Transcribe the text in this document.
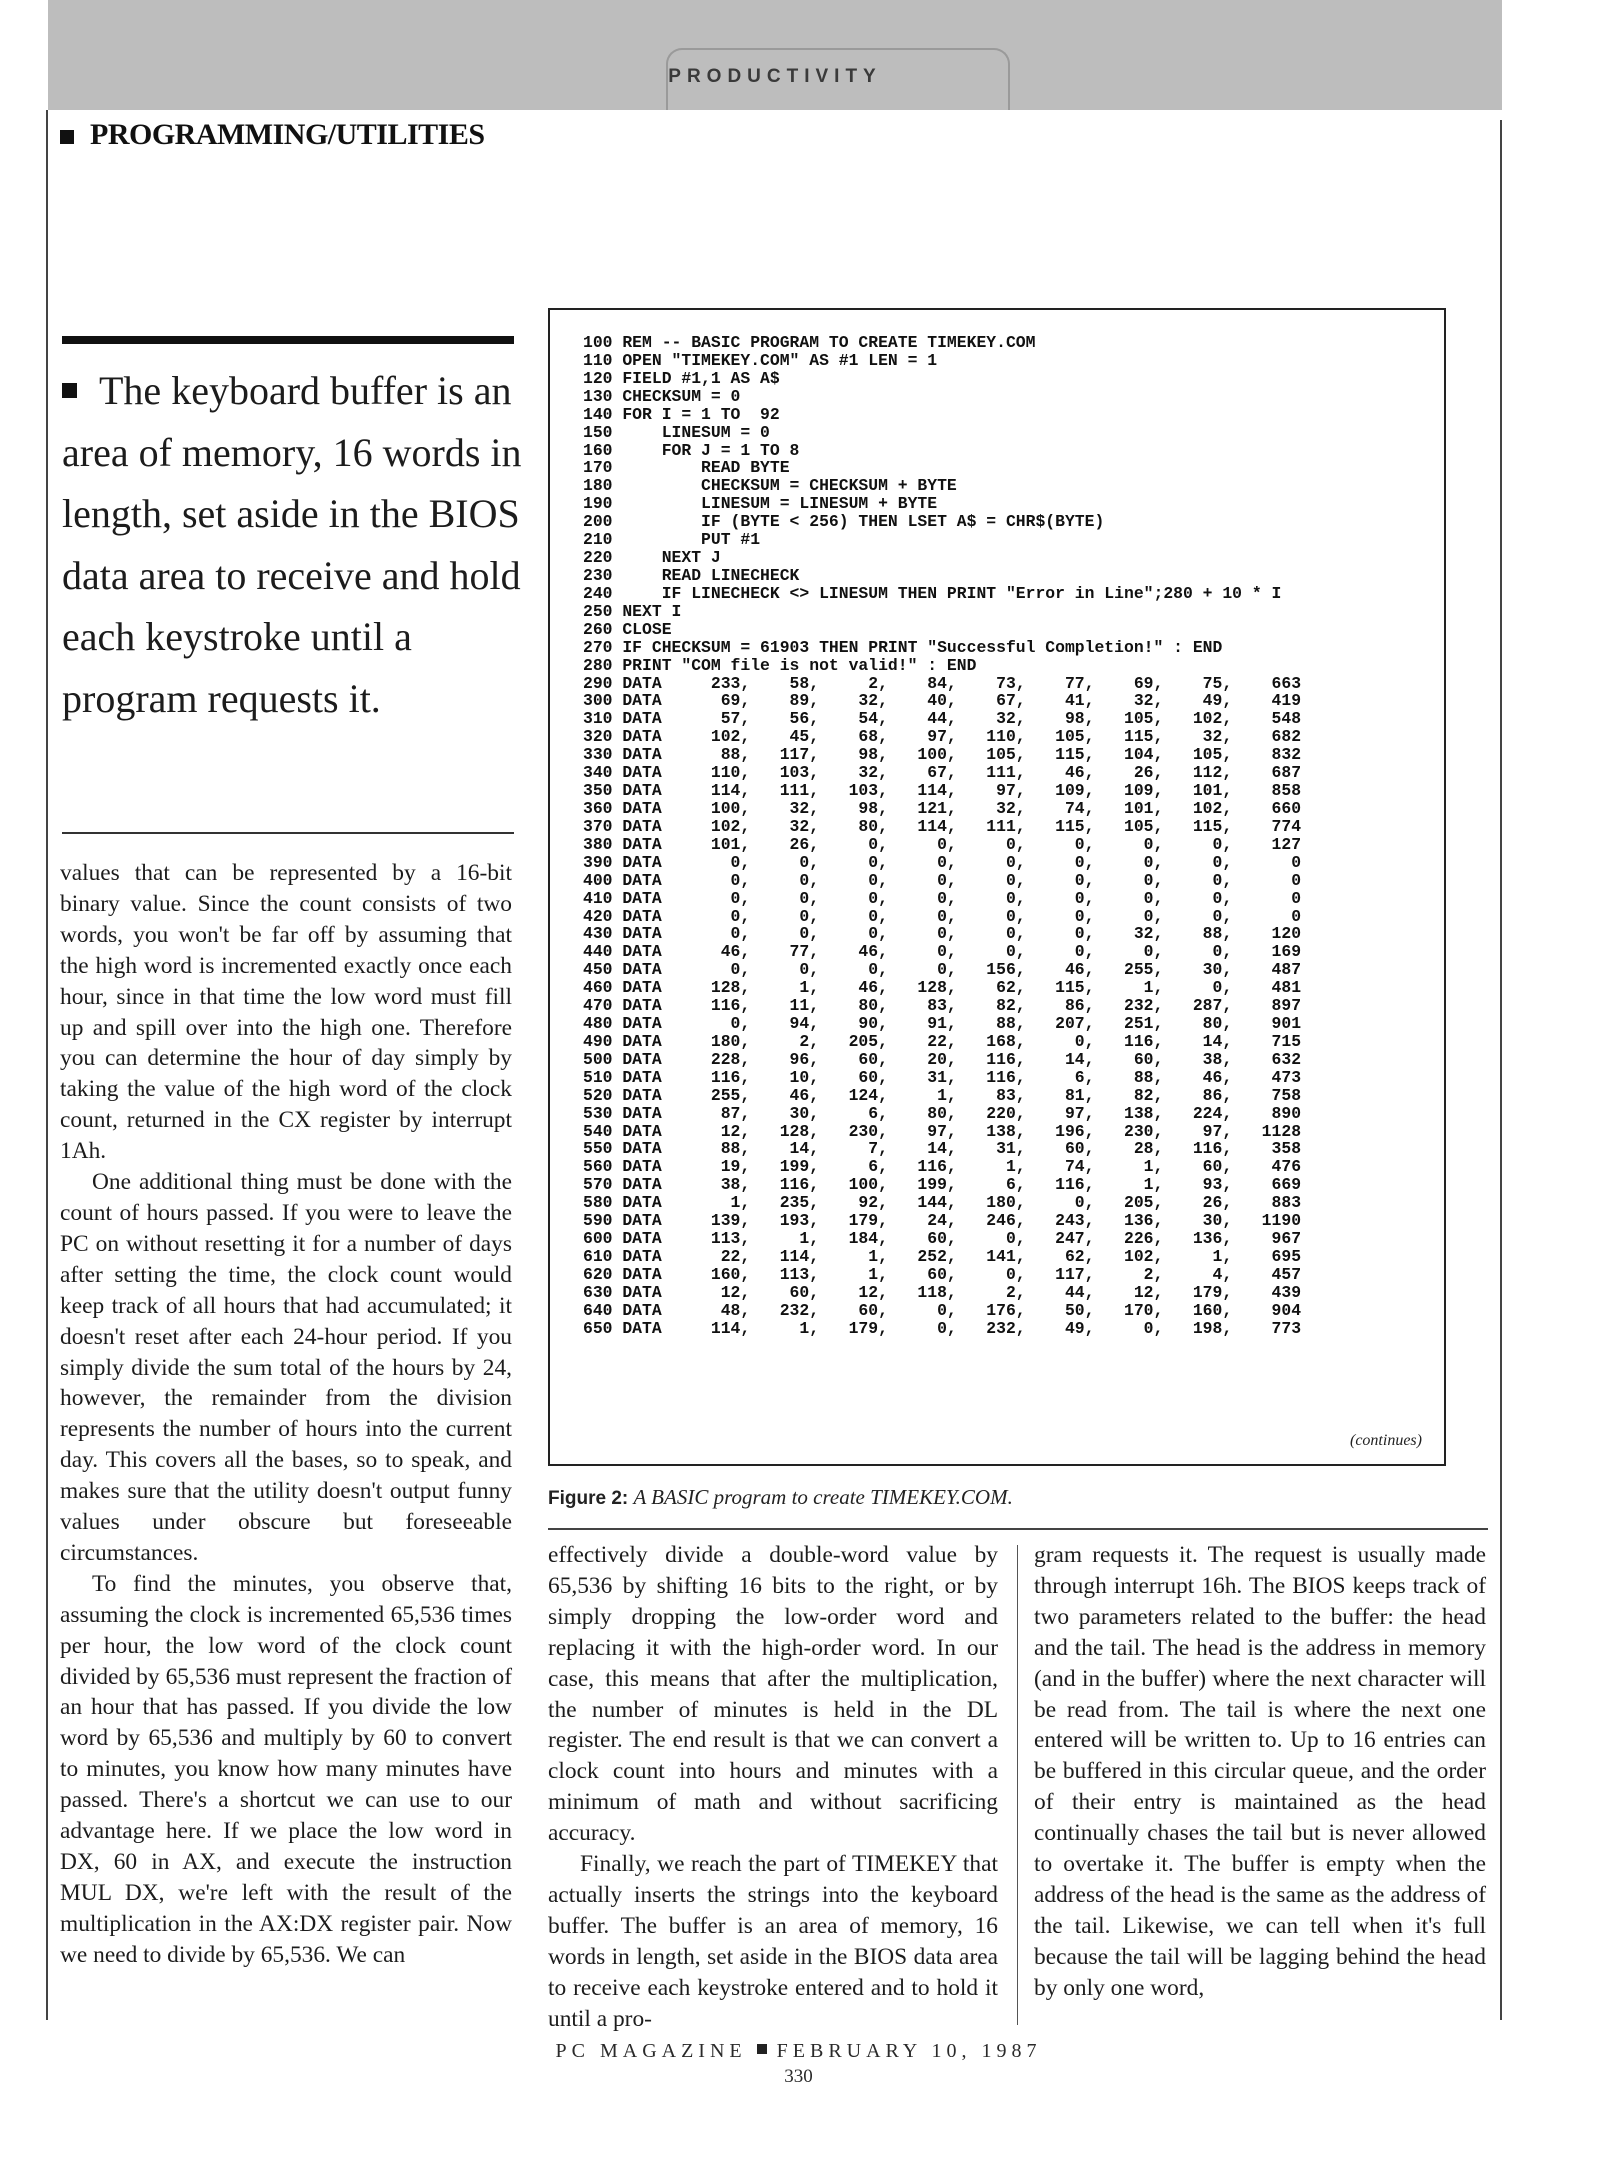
PRODUCTIVITY
PROGRAMMING/UTILITIES
The keyboard buffer is an area of memory, 16 words in length, set aside in the BIOS data area to receive and hold each keystroke until a program requests it.

values that can be represented by a 16-bit binary value. Since the count consists of two words, you won't be far off by assuming that the high word is incremented exactly once each hour, since in that time the low word must fill up and spill over into the high one. Therefore you can determine the hour of day simply by taking the value of the high word of the clock count, returned in the CX register by interrupt 1Ah.

One additional thing must be done with the count of hours passed. If you were to leave the PC on without resetting it for a number of days after setting the time, the clock count would keep track of all hours that had accumulated; it doesn't reset after each 24-hour period. If you simply divide the sum total of the hours by 24, however, the remainder from the division represents the number of hours into the current day. This covers all the bases, so to speak, and makes sure that the utility doesn't output funny values under obscure but foreseeable circumstances.

To find the minutes, you observe that, assuming the clock is incremented 65,536 times per hour, the low word of the clock count divided by 65,536 must represent the fraction of an hour that has passed. If you divide the low word by 65,536 and multiply by 60 to convert to minutes, you know how many minutes have passed. There's a shortcut we can use to our advantage here. If we place the low word in DX, 60 in AX, and execute the instruction MUL DX, we're left with the result of the multiplication in the AX:DX register pair. Now we need to divide by 65,536. We can

100 REM -- BASIC PROGRAM TO CREATE TIMEKEY.COM
110 OPEN "TIMEKEY.COM" AS #1 LEN = 1
120 FIELD #1,1 AS A$
130 CHECKSUM = 0
140 FOR I = 1 TO  92
150     LINESUM = 0
160     FOR J = 1 TO 8
170         READ BYTE
180         CHECKSUM = CHECKSUM + BYTE
190         LINESUM = LINESUM + BYTE
200         IF (BYTE < 256) THEN LSET A$ = CHR$(BYTE)
210         PUT #1
220     NEXT J
230     READ LINECHECK
240     IF LINECHECK <> LINESUM THEN PRINT "Error in Line";280 + 10 * I
250 NEXT I
260 CLOSE
270 IF CHECKSUM = 61903 THEN PRINT "Successful Completion!" : END
280 PRINT "COM file is not valid!" : END
290 DATA     233,    58,     2,    84,    73,    77,    69,    75,    663
300 DATA      69,    89,    32,    40,    67,    41,    32,    49,    419
310 DATA      57,    56,    54,    44,    32,    98,   105,   102,    548
320 DATA     102,    45,    68,    97,   110,   105,   115,    32,    682
330 DATA      88,   117,    98,   100,   105,   115,   104,   105,    832
340 DATA     110,   103,    32,    67,   111,    46,    26,   112,    687
350 DATA     114,   111,   103,   114,    97,   109,   109,   101,    858
360 DATA     100,    32,    98,   121,    32,    74,   101,   102,    660
370 DATA     102,    32,    80,   114,   111,   115,   105,   115,    774
380 DATA     101,    26,     0,     0,     0,     0,     0,     0,    127
390 DATA       0,     0,     0,     0,     0,     0,     0,     0,      0
400 DATA       0,     0,     0,     0,     0,     0,     0,     0,      0
410 DATA       0,     0,     0,     0,     0,     0,     0,     0,      0
420 DATA       0,     0,     0,     0,     0,     0,     0,     0,      0
430 DATA       0,     0,     0,     0,     0,     0,    32,    88,    120
440 DATA      46,    77,    46,     0,     0,     0,     0,     0,    169
450 DATA       0,     0,     0,     0,   156,    46,   255,    30,    487
460 DATA     128,     1,    46,   128,    62,   115,     1,     0,    481
470 DATA     116,    11,    80,    83,    82,    86,   232,   287,    897
480 DATA       0,    94,    90,    91,    88,   207,   251,    80,    901
490 DATA     180,     2,   205,    22,   168,     0,   116,    14,    715
500 DATA     228,    96,    60,    20,   116,    14,    60,    38,    632
510 DATA     116,    10,    60,    31,   116,     6,    88,    46,    473
520 DATA     255,    46,   124,     1,    83,    81,    82,    86,    758
530 DATA      87,    30,     6,    80,   220,    97,   138,   224,    890
540 DATA      12,   128,   230,    97,   138,   196,   230,    97,   1128
550 DATA      88,    14,     7,    14,    31,    60,    28,   116,    358
560 DATA      19,   199,     6,   116,     1,    74,     1,    60,    476
570 DATA      38,   116,   100,   199,     6,   116,     1,    93,    669
580 DATA       1,   235,    92,   144,   180,     0,   205,    26,    883
590 DATA     139,   193,   179,    24,   246,   243,   136,    30,   1190
600 DATA     113,     1,   184,    60,     0,   247,   226,   136,    967
610 DATA      22,   114,     1,   252,   141,    62,   102,     1,    695
620 DATA     160,   113,     1,    60,     0,   117,     2,     4,    457
630 DATA      12,    60,    12,   118,     2,    44,    12,   179,    439
640 DATA      48,   232,    60,     0,   176,    50,   170,   160,    904
650 DATA     114,     1,   179,     0,   232,    49,     0,   198,    773
(continues)
Figure 2: A BASIC program to create TIMEKEY.COM.

effectively divide a double-word value by 65,536 by shifting 16 bits to the right, or by simply dropping the low-order word and replacing it with the high-order word. In our case, this means that after the multiplication, the number of minutes is held in the DL register. The end result is that we can convert a clock count into hours and minutes with a minimum of math and without sacrificing accuracy.

Finally, we reach the part of TIMEKEY that actually inserts the strings into the keyboard buffer. The buffer is an area of memory, 16 words in length, set aside in the BIOS data area to receive each keystroke entered and to hold it until a pro-

gram requests it. The request is usually made through interrupt 16h. The BIOS keeps track of two parameters related to the buffer: the head and the tail. The head is the address in memory (and in the buffer) where the next character will be read from. The tail is where the next one entered will be written to. Up to 16 entries can be buffered in this circular queue, and the order of their entry is maintained as the head continually chases the tail but is never allowed to overtake it. The buffer is empty when the address of the head is the same as the address of the tail. Likewise, we can tell when it's full because the tail will be lagging behind the head by only one word,

PC MAGAZINE FEBRUARY 10, 1987
330
